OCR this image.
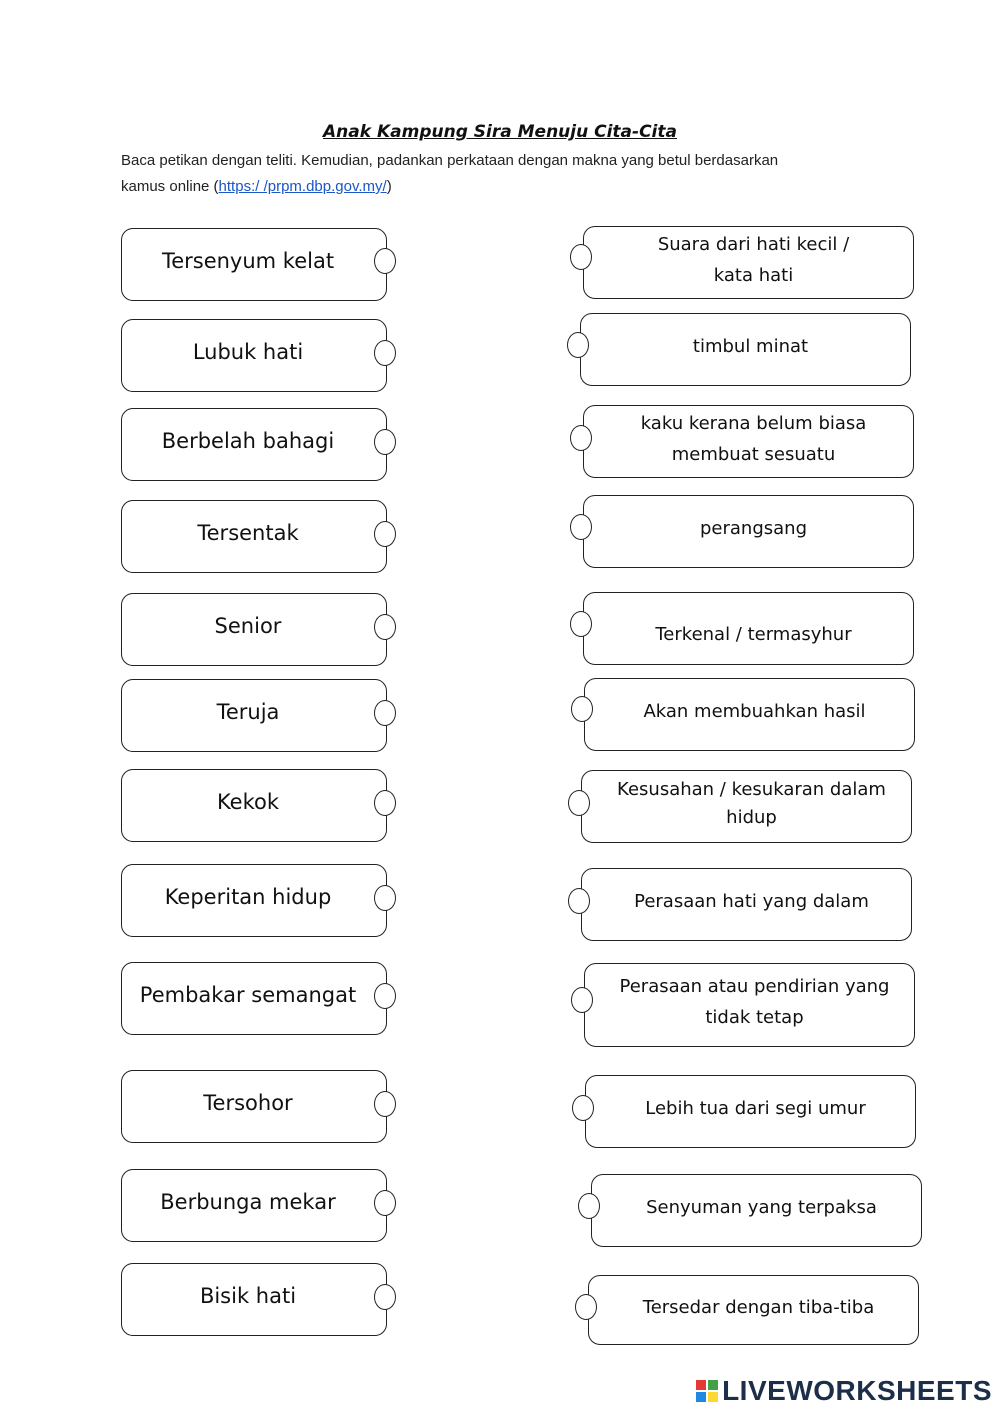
Anak Kampung Sira Menuju Cita-Cita
Baca petikan dengan teliti. Kemudian, padankan perkataan dengan makna yang betul berdasarkan
kamus online (https:/ /prpm.dbp.gov.my/)
Tersenyum kelat
Lubuk hati
Berbelah bahagi
Tersentak
Senior
Teruja
Kekok
Keperitan hidup
Pembakar semangat
Tersohor
Berbunga mekar
Bisik hati
Suara dari hati kecil /
kata hati
timbul minat
kaku kerana belum biasa
membuat sesuatu
perangsang
Terkenal / termasyhur
Akan membuahkan hasil
Kesusahan / kesukaran dalam
hidup
Perasaan hati yang dalam
Perasaan atau pendirian yang
tidak tetap
Lebih tua dari segi umur
Senyuman yang terpaksa
Tersedar dengan tiba-tiba
LIVEWORKSHEETS
